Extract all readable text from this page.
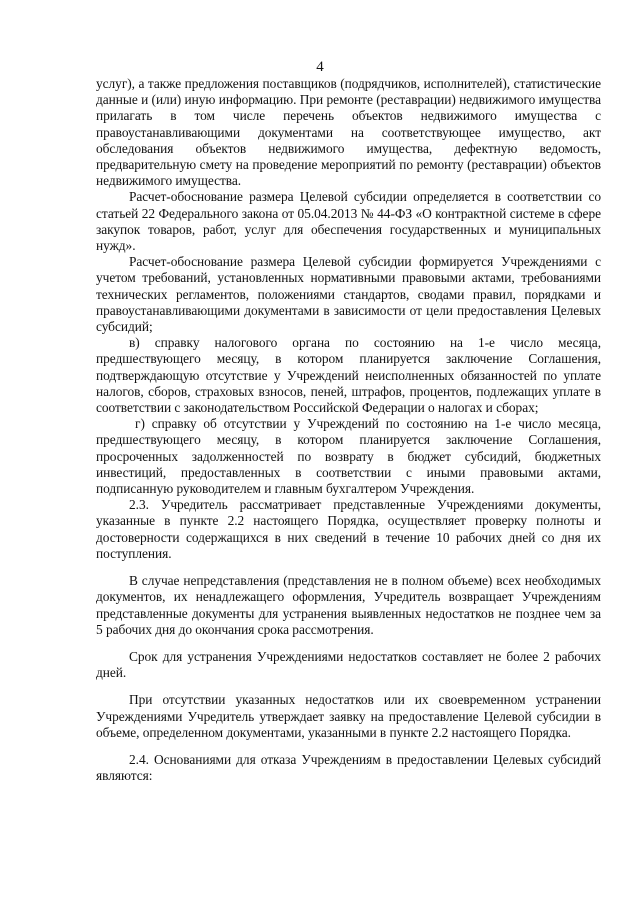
4

услуг), а также предложения поставщиков (подрядчиков, исполнителей), статистические данные и (или) иную информацию. При ремонте (реставрации) недвижимого имущества прилагать в том числе перечень объектов недвижимого имущества с правоустанавливающими документами на соответствующее имущество, акт обследования объектов недвижимого имущества, дефектную ведомость, предварительную смету на проведение мероприятий по ремонту (реставрации) объектов недвижимого имущества.

Расчет-обоснование размера Целевой субсидии определяется в соответствии со статьей 22 Федерального закона от 05.04.2013 № 44-ФЗ «О контрактной системе в сфере закупок товаров, работ, услуг для обеспечения государственных и муниципальных нужд».

Расчет-обоснование размера Целевой субсидии формируется Учреждениями с учетом требований, установленных нормативными правовыми актами, требованиями технических регламентов, положениями стандартов, сводами правил, порядками и правоустанавливающими документами в зависимости от цели предоставления Целевых субсидий;

в) справку налогового органа по состоянию на 1-е число месяца, предшествующего месяцу, в котором планируется заключение Соглашения, подтверждающую отсутствие у Учреждений неисполненных обязанностей по уплате налогов, сборов, страховых взносов, пеней, штрафов, процентов, подлежащих уплате в соответствии с законодательством Российской Федерации о налогах и сборах;

г) справку об отсутствии у Учреждений по состоянию на 1-е число месяца, предшествующего месяцу, в котором планируется заключение Соглашения, просроченных задолженностей по возврату в бюджет субсидий, бюджетных инвестиций, предоставленных в соответствии с иными правовыми актами, подписанную руководителем и главным бухгалтером Учреждения.

2.3. Учредитель рассматривает представленные Учреждениями документы, указанные в пункте 2.2 настоящего Порядка, осуществляет проверку полноты и достоверности содержащихся в них сведений в течение 10 рабочих дней со дня их поступления.

В случае непредставления (представления не в полном объеме) всех необходимых документов, их ненадлежащего оформления, Учредитель возвращает Учреждениям представленные документы для устранения выявленных недостатков не позднее чем за 5 рабочих дня до окончания срока рассмотрения.

Срок для устранения Учреждениями недостатков составляет не более 2 рабочих дней.

При отсутствии указанных недостатков или их своевременном устранении Учреждениями Учредитель утверждает заявку на предоставление Целевой субсидии в объеме, определенном документами, указанными в пункте 2.2 настоящего Порядка.

2.4. Основаниями для отказа Учреждениям в предоставлении Целевых субсидий являются:
